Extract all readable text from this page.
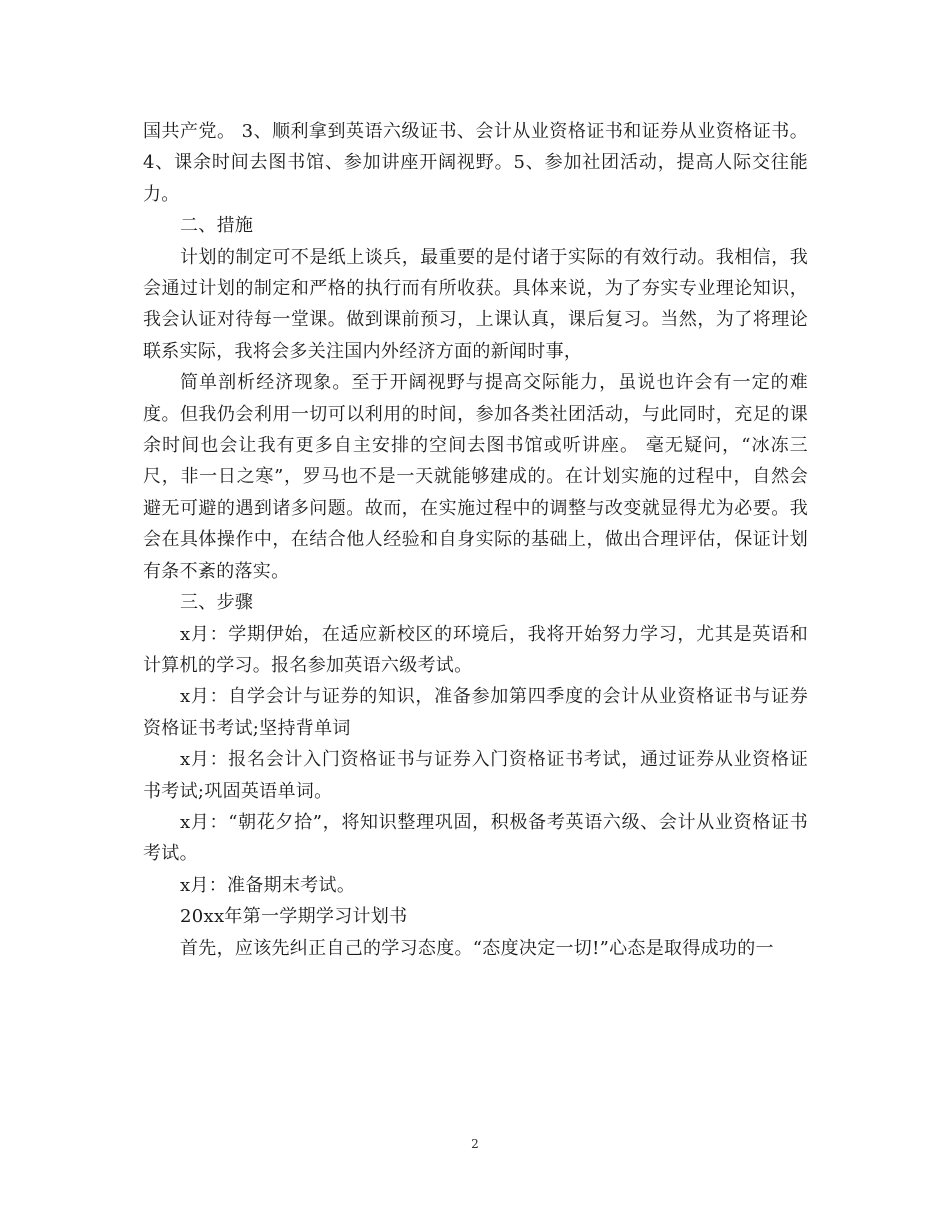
国共产党。 3、顺利拿到英语六级证书、会计从业资格证书和证券从业资格证书。 4、课余时间去图书馆、参加讲座开阔视野。5、参加社团活动，提高人际交往能力。

二、措施

计划的制定可不是纸上谈兵，最重要的是付诸于实际的有效行动。我相信，我会通过计划的制定和严格的执行而有所收获。具体来说，为了夯实专业理论知识，我会认证对待每一堂课。做到课前预习，上课认真，课后复习。当然，为了将理论联系实际，我将会多关注国内外经济方面的新闻时事，

简单剖析经济现象。至于开阔视野与提高交际能力，虽说也许会有一定的难度。但我仍会利用一切可以利用的时间，参加各类社团活动，与此同时，充足的课余时间也会让我有更多自主安排的空间去图书馆或听讲座。 毫无疑问，“冰冻三尺，非一日之寒”，罗马也不是一天就能够建成的。在计划实施的过程中，自然会避无可避的遇到诸多问题。故而，在实施过程中的调整与改变就显得尤为必要。我会在具体操作中，在结合他人经验和自身实际的基础上，做出合理评估，保证计划有条不紊的落实。

三、步骤

x月：学期伊始，在适应新校区的环境后，我将开始努力学习，尤其是英语和计算机的学习。报名参加英语六级考试。

x月：自学会计与证券的知识，准备参加第四季度的会计从业资格证书与证券资格证书考试;坚持背单词

x月：报名会计入门资格证书与证券入门资格证书考试，通过证券从业资格证书考试;巩固英语单词。

x月：“朝花夕拾”，将知识整理巩固，积极备考英语六级、会计从业资格证书考试。

x月：准备期末考试。

20xx年第一学期学习计划书

首先，应该先纠正自己的学习态度。“态度决定一切!”心态是取得成功的一

2
